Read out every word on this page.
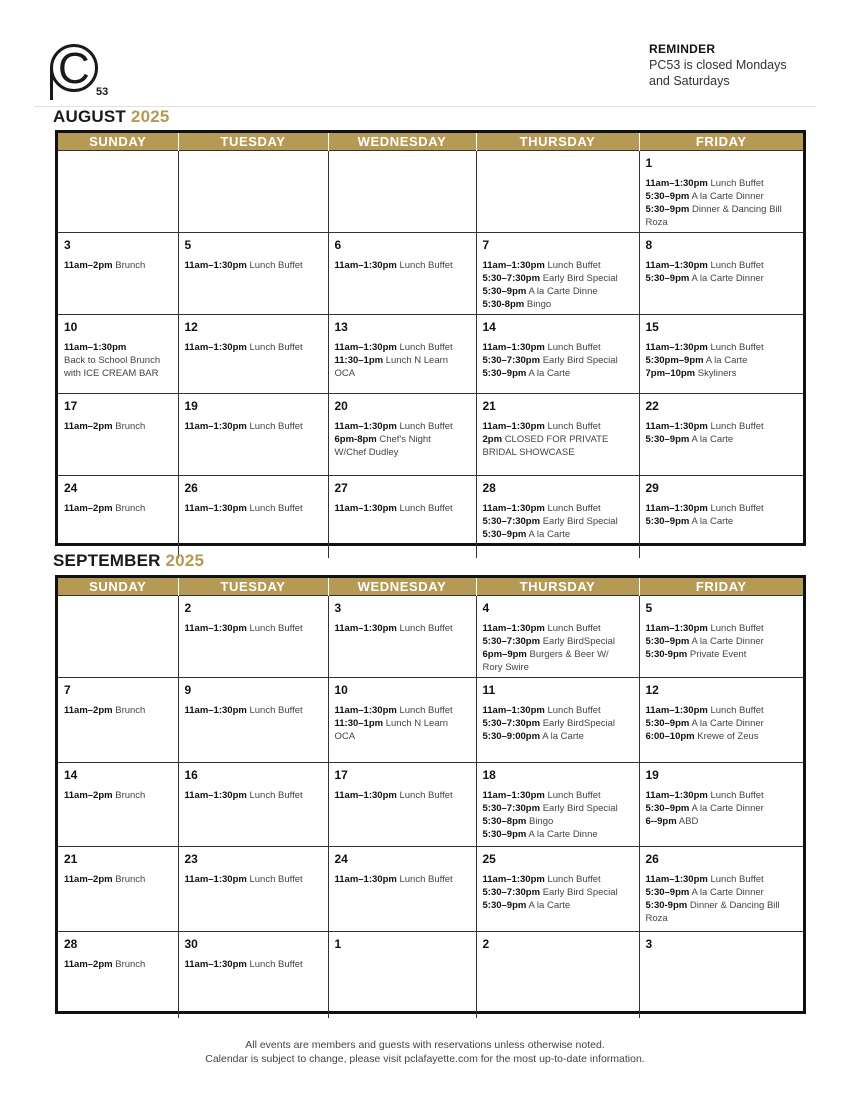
C 53
REMINDER
PC53 is closed Mondays
and Saturdays
AUGUST 2025
SUNDAY	TUESDAY	WEDNESDAY	THURSDAY	FRIDAY

				1
11am–1:30pm Lunch Buffet
5:30–9pm A la Carte Dinner
5:30–9pm Dinner & Dancing Bill Roza

3
11am–2pm Brunch	5
11am–1:30pm Lunch Buffet	6
11am–1:30pm Lunch Buffet	7
11am–1:30pm Lunch Buffet
5:30–7:30pm Early Bird Special
5:30–9pm A la Carte Dinne
5:30-8pm Bingo	8
11am–1:30pm Lunch Buffet
5:30–9pm A la Carte Dinner

10
11am–1:30pm
Back to School Brunch
with ICE CREAM BAR	12
11am–1:30pm Lunch Buffet	13
11am–1:30pm Lunch Buffet
11:30–1pm Lunch N Learn
OCA	14
11am–1:30pm Lunch Buffet
5:30–7:30pm Early Bird Special
5:30–9pm A la Carte	15
11am–1:30pm Lunch Buffet
5:30pm–9pm A la Carte
7pm–10pm Skyliners

17
11am–2pm Brunch	19
11am–1:30pm Lunch Buffet	20
11am–1:30pm Lunch Buffet
6pm-8pm Chef's Night
W/Chef Dudley	21
11am–1:30pm Lunch Buffet
2pm CLOSED FOR PRIVATE
BRIDAL SHOWCASE	22
11am–1:30pm Lunch Buffet
5:30–9pm A la Carte

24
11am–2pm Brunch	26
11am–1:30pm Lunch Buffet	27
11am–1:30pm Lunch Buffet	28
11am–1:30pm Lunch Buffet
5:30–7:30pm Early Bird Special
5:30–9pm A la Carte	29
11am–1:30pm Lunch Buffet
5:30–9pm A la Carte
SEPTEMBER 2025
SUNDAY	TUESDAY	WEDNESDAY	THURSDAY	FRIDAY

	2
11am–1:30pm Lunch Buffet	3
11am–1:30pm Lunch Buffet	4
11am–1:30pm Lunch Buffet
5:30–7:30pm Early BirdSpecial
6pm–9pm Burgers & Beer W/
Rory Swire	5
11am–1:30pm Lunch Buffet
5:30–9pm A la Carte Dinner
5:30-9pm Private Event

7
11am–2pm Brunch	9
11am–1:30pm Lunch Buffet	10
11am–1:30pm Lunch Buffet
11:30–1pm Lunch N Learn
OCA	11
11am–1:30pm Lunch Buffet
5:30–7:30pm Early BirdSpecial
5:30–9:00pm A la Carte	12
11am–1:30pm Lunch Buffet
5:30–9pm A la Carte Dinner
6:00–10pm Krewe of Zeus

14
11am–2pm Brunch	16
11am–1:30pm Lunch Buffet	17
11am–1:30pm Lunch Buffet	18
11am–1:30pm Lunch Buffet
5:30–7:30pm Early Bird Special
5:30–8pm Bingo
5:30–9pm A la Carte Dinne	19
11am–1:30pm Lunch Buffet
5:30–9pm A la Carte Dinner
6--9pm ABD

21
11am–2pm Brunch	23
11am–1:30pm Lunch Buffet	24
11am–1:30pm Lunch Buffet	25
11am–1:30pm Lunch Buffet
5:30–7:30pm Early Bird Special
5:30–9pm A la Carte	26
11am–1:30pm Lunch Buffet
5:30–9pm A la Carte Dinner
5:30-9pm Dinner & Dancing Bill
Roza

28
11am–2pm Brunch	30
11am–1:30pm Lunch Buffet	1	2	3
All events are members and guests with reservations unless otherwise noted.
Calendar is subject to change, please visit pclafayette.com for the most up-to-date information.
